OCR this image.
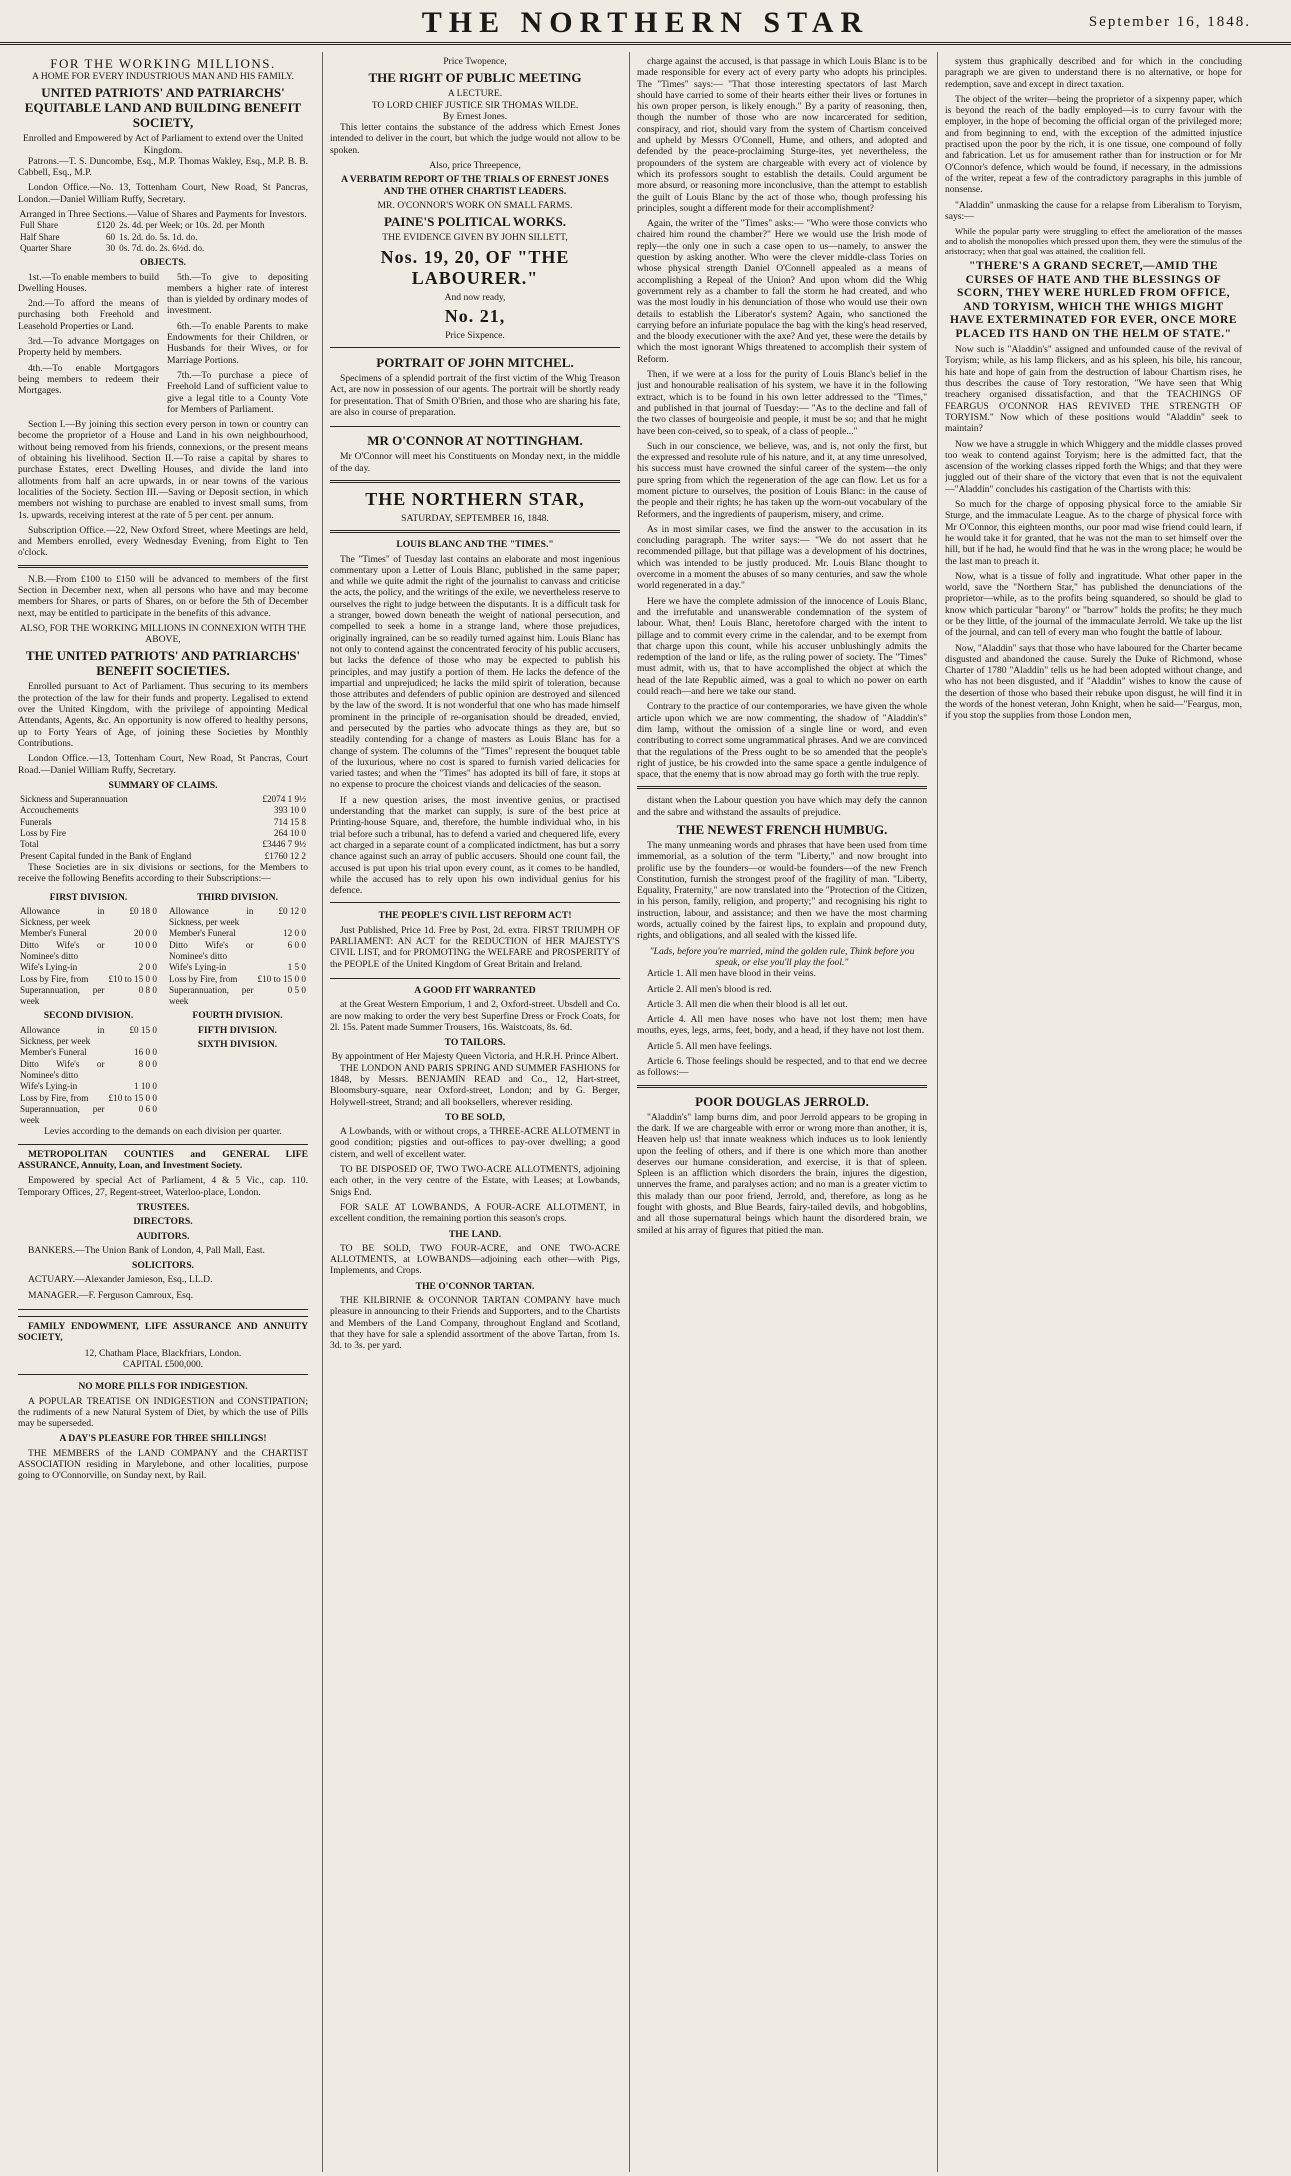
THE NORTHERN STAR	September 16, 1848.
FOR THE WORKING MILLIONS.
A HOME FOR EVERY INDUSTRIOUS MAN AND HIS FAMILY.
UNITED PATRIOTS' AND PATRIARCHS' EQUITABLE LAND AND BUILDING BENEFIT SOCIETY,
Enrolled and Empowered by Act of Parliament to extend over the United Kingdom.

Patrons.—T. S. Duncombe, Esq., M.P. Thomas Wakley, Esq., M.P. B. B. Cabbell, Esq., M.P.

London Office.—No. 13, Tottenham Court, New Road, St Pancras, London.—Daniel William Ruffy, Secretary.

Arranged in Three Sections.—Value of Shares and Payments for Investors.
Full Share	£120	2s. 4d. per Week; or 10s. 2d. per Month
Half Share	60	1s. 2d. do. 5s. 1d. do.
Quarter Share	30	0s. 7d. do. 2s. 6½d. do.
OBJECTS.

1st.—To enable members to build Dwelling Houses.

2nd.—To afford the means of purchasing both Freehold and Leasehold Properties or Land.

3rd.—To advance Mortgages on Property held by members.

4th.—To enable Mortgagors being members to redeem their Mortgages.

5th.—To give to depositing members a higher rate of interest than is yielded by ordinary modes of investment.

6th.—To enable Parents to make Endowments for their Children, or Husbands for their Wives, or for Marriage Portions.

7th.—To purchase a piece of Freehold Land of sufficient value to give a legal title to a County Vote for Members of Parliament.

Section I.—By joining this section every person in town or country can become the proprietor of a House and Land in his own neighbourhood, without being removed from his friends, connexions, or the present means of obtaining his livelihood. Section II.—To raise a capital by shares to purchase Estates, erect Dwelling Houses, and divide the land into allotments from half an acre upwards, in or near towns of the various localities of the Society. Section III.—Saving or Deposit section, in which members not wishing to purchase are enabled to invest small sums, from 1s. upwards, receiving interest at the rate of 5 per cent. per annum.

Subscription Office.—22, New Oxford Street, where Meetings are held, and Members enrolled, every Wednesday Evening, from Eight to Ten o'clock.

N.B.—From £100 to £150 will be advanced to members of the first Section in December next, when all persons who have and may become members for Shares, or parts of Shares, on or before the 5th of December next, may be entitled to participate in the benefits of this advance.

ALSO, FOR THE WORKING MILLIONS IN CONNEXION WITH THE ABOVE,
THE UNITED PATRIOTS' AND PATRIARCHS' BENEFIT SOCIETIES.

Enrolled pursuant to Act of Parliament. Thus securing to its members the protection of the law for their funds and property. Legalised to extend over the United Kingdom, with the privilege of appointing Medical Attendants, Agents, &c. An opportunity is now offered to healthy persons, up to Forty Years of Age, of joining these Societies by Monthly Contributions.

London Office.—13, Tottenham Court, New Road, St Pancras, Court Road.—Daniel William Ruffy, Secretary.

SUMMARY OF CLAIMS.
Sickness and Superannuation	£2074 1 9½
Accouchements	393 10 0
Funerals	714 15 8
Loss by Fire	264 10 0
Total	£3446 7 9½
Present Capital funded in the Bank of England	£1760 12 2

These Societies are in six divisions or sections, for the Members to receive the following Benefits according to their Subscriptions:—

FIRST DIVISION.
Allowance in Sickness, per week	£0 18 0
Member's Funeral	20 0 0
Ditto Wife's or Nominee's ditto	10 0 0
Wife's Lying-in	2 0 0
Loss by Fire, from	£10 to 15 0 0
Superannuation, per week	0 8 0
SECOND DIVISION.
Allowance in Sickness, per week	£0 15 0
Member's Funeral	16 0 0
Ditto Wife's or Nominee's ditto	8 0 0
Wife's Lying-in	1 10 0
Loss by Fire, from	£10 to 15 0 0
Superannuation, per week	0 6 0
THIRD DIVISION.
Allowance in Sickness, per week	£0 12 0
Member's Funeral	12 0 0
Ditto Wife's or Nominee's ditto	6 0 0
Wife's Lying-in	1 5 0
Loss by Fire, from	£10 to 15 0 0
Superannuation, per week	0 5 0
FOURTH DIVISION.
FIFTH DIVISION.
SIXTH DIVISION.
Levies according to the demands on each division per quarter.

METROPOLITAN COUNTIES and GENERAL LIFE ASSURANCE, Annuity, Loan, and Investment Society.

Empowered by special Act of Parliament, 4 & 5 Vic., cap. 110. Temporary Offices, 27, Regent-street, Waterloo-place, London.

TRUSTEES.
DIRECTORS.
AUDITORS.

BANKERS.—The Union Bank of London, 4, Pall Mall, East.

SOLICITORS.

ACTUARY.—Alexander Jamieson, Esq., LL.D.

MANAGER.—F. Ferguson Camroux, Esq.

FAMILY ENDOWMENT, LIFE ASSURANCE AND ANNUITY SOCIETY,

12, Chatham Place, Blackfriars, London.
CAPITAL £500,000.
NO MORE PILLS FOR INDIGESTION.

A POPULAR TREATISE ON INDIGESTION and CONSTIPATION; the rudiments of a new Natural System of Diet, by which the use of Pills may be superseded.

A DAY'S PLEASURE FOR THREE SHILLINGS!

THE MEMBERS of the LAND COMPANY and the CHARTIST ASSOCIATION residing in Marylebone, and other localities, purpose going to O'Connorville, on Sunday next, by Rail.

Price Twopence,
THE RIGHT OF PUBLIC MEETING
A LECTURE.
TO LORD CHIEF JUSTICE SIR THOMAS WILDE.
By Ernest Jones.

This letter contains the substance of the address which Ernest Jones intended to deliver in the court, but which the judge would not allow to be spoken.

Also, price Threepence,
A VERBATIM REPORT OF THE TRIALS OF ERNEST JONES AND THE OTHER CHARTIST LEADERS.
MR. O'CONNOR'S WORK ON SMALL FARMS.
PAINE'S POLITICAL WORKS.
THE EVIDENCE GIVEN BY JOHN SILLETT,
Nos. 19, 20, OF "THE LABOURER."
And now ready,
No. 21,
Price Sixpence.
PORTRAIT OF JOHN MITCHEL.

Specimens of a splendid portrait of the first victim of the Whig Treason Act, are now in possession of our agents. The portrait will be shortly ready for presentation. That of Smith O'Brien, and those who are sharing his fate, are also in course of preparation.

MR O'CONNOR AT NOTTINGHAM.

Mr O'Connor will meet his Constituents on Monday next, in the middle of the day.

THE NORTHERN STAR,
SATURDAY, SEPTEMBER 16, 1848.
LOUIS BLANC AND THE "TIMES."

The "Times" of Tuesday last contains an elaborate and most ingenious commentary upon a Letter of Louis Blanc, published in the same paper; and while we quite admit the right of the journalist to canvass and criticise the acts, the policy, and the writings of the exile, we nevertheless reserve to ourselves the right to judge between the disputants. It is a difficult task for a stranger, bowed down beneath the weight of national persecution, and compelled to seek a home in a strange land, where those prejudices, originally ingrained, can be so readily turned against him. Louis Blanc has not only to contend against the concentrated ferocity of his public accusers, but lacks the defence of those who may be expected to publish his principles, and may justify a portion of them. He lacks the defence of the impartial and unprejudiced; he lacks the mild spirit of toleration, because those attributes and defenders of public opinion are destroyed and silenced by the law of the sword. It is not wonderful that one who has made himself prominent in the principle of re-organisation should be dreaded, envied, and persecuted by the parties who advocate things as they are, but so steadily contending for a change of masters as Louis Blanc has for a change of system. The columns of the "Times" represent the bouquet table of the luxurious, where no cost is spared to furnish varied delicacies for varied tastes; and when the "Times" has adopted its bill of fare, it stops at no expense to procure the choicest viands and delicacies of the season.

If a new question arises, the most inventive genius, or practised understanding that the market can supply, is sure of the best price at Printing-house Square, and, therefore, the humble individual who, in his trial before such a tribunal, has to defend a varied and chequered life, every act charged in a separate count of a complicated indictment, has but a sorry chance against such an array of public accusers. Should one count fail, the accused is put upon his trial upon every count, as it comes to be handled, while the accused has to rely upon his own individual genius for his defence.

THE PEOPLE'S CIVIL LIST REFORM ACT!

Just Published, Price 1d. Free by Post, 2d. extra. FIRST TRIUMPH OF PARLIAMENT: AN ACT for the REDUCTION of HER MAJESTY'S CIVIL LIST, and for PROMOTING the WELFARE and PROSPERITY of the PEOPLE of the United Kingdom of Great Britain and Ireland.

A GOOD FIT WARRANTED

at the Great Western Emporium, 1 and 2, Oxford-street. Ubsdell and Co. are now making to order the very best Superfine Dress or Frock Coats, for 2l. 15s. Patent made Summer Trousers, 16s. Waistcoats, 8s. 6d.

TO TAILORS.
By appointment of Her Majesty Queen Victoria, and H.R.H. Prince Albert.

THE LONDON AND PARIS SPRING AND SUMMER FASHIONS for 1848, by Messrs. BENJAMIN READ and Co., 12, Hart-street, Bloomsbury-square, near Oxford-street, London; and by G. Berger, Holywell-street, Strand; and all booksellers, wherever residing.

TO BE SOLD,

A Lowbands, with or without crops, a THREE-ACRE ALLOTMENT in good condition; pigsties and out-offices to pay-over dwelling; a good cistern, and well of excellent water.

TO BE DISPOSED OF, TWO TWO-ACRE ALLOTMENTS, adjoining each other, in the very centre of the Estate, with Leases; at Lowbands, Snigs End.

FOR SALE AT LOWBANDS, A FOUR-ACRE ALLOTMENT, in excellent condition, the remaining portion this season's crops.

THE LAND.

TO BE SOLD, TWO FOUR-ACRE, and ONE TWO-ACRE ALLOTMENTS, at LOWBANDS—adjoining each other—with Pigs, Implements, and Crops.

THE O'CONNOR TARTAN.

THE KILBIRNIE & O'CONNOR TARTAN COMPANY have much pleasure in announcing to their Friends and Supporters, and to the Chartists and Members of the Land Company, throughout England and Scotland, that they have for sale a splendid assortment of the above Tartan, from 1s. 3d. to 3s. per yard.

charge against the accused, is that passage in which Louis Blanc is to be made responsible for every act of every party who adopts his principles. The "Times" says:— "That those interesting spectators of last March should have carried to some of their hearts either their lives or fortunes in his own proper person, is likely enough." By a parity of reasoning, then, though the number of those who are now incarcerated for sedition, conspiracy, and riot, should vary from the system of Chartism conceived and upheld by Messrs O'Connell, Hume, and others, and adopted and defended by the peace-proclaiming Sturge-ites, yet nevertheless, the propounders of the system are chargeable with every act of violence by which its professors sought to establish the details. Could argument be more absurd, or reasoning more inconclusive, than the attempt to establish the guilt of Louis Blanc by the act of those who, though professing his principles, sought a different mode for their accomplishment?

Again, the writer of the "Times" asks:— "Who were those convicts who chaired him round the chamber?" Here we would use the Irish mode of reply—the only one in such a case open to us—namely, to answer the question by asking another. Who were the clever middle-class Tories on whose physical strength Daniel O'Connell appealed as a means of accomplishing a Repeal of the Union? And upon whom did the Whig government rely as a chamber to fall the storm he had created, and who was the most loudly in his denunciation of those who would use their own details to establish the Liberator's system? Again, who sanctioned the carrying before an infuriate populace the bag with the king's head reserved, and the bloody executioner with the axe? And yet, these were the details by which the most ignorant Whigs threatened to accomplish their system of Reform.

Then, if we were at a loss for the purity of Louis Blanc's belief in the just and honourable realisation of his system, we have it in the following extract, which is to be found in his own letter addressed to the "Times," and published in that journal of Tuesday:— "As to the decline and fall of the two classes of bourgeoisie and people, it must be so; and that he might have been con-ceived, so to speak, of a class of people..."

Such in our conscience, we believe, was, and is, not only the first, but the expressed and resolute rule of his nature, and it, at any time unresolved, his success must have crowned the sinful career of the system—the only pure spring from which the regeneration of the age can flow. Let us for a moment picture to ourselves, the position of Louis Blanc: in the cause of the people and their rights; he has taken up the worn-out vocabulary of the Reformers, and the ingredients of pauperism, misery, and crime.

As in most similar cases, we find the answer to the accusation in its concluding paragraph. The writer says:— "We do not assert that he recommended pillage, but that pillage was a development of his doctrines, which was intended to be justly produced. Mr. Louis Blanc thought to overcome in a moment the abuses of so many centuries, and saw the whole world regenerated in a day."

Here we have the complete admission of the innocence of Louis Blanc, and the irrefutable and unanswerable condemnation of the system of labour. What, then! Louis Blanc, heretofore charged with the intent to pillage and to commit every crime in the calendar, and to be exempt from that charge upon this count, while his accuser unblushingly admits the redemption of the land or life, as the ruling power of society. The "Times" must admit, with us, that to have accomplished the object at which the head of the late Republic aimed, was a goal to which no power on earth could reach—and here we take our stand.

Contrary to the practice of our contemporaries, we have given the whole article upon which we are now commenting, the shadow of "Aladdin's" dim lamp, without the omission of a single line or word, and even contributing to correct some ungrammatical phrases. And we are convinced that the regulations of the Press ought to be so amended that the people's right of justice, be his crowded into the same space a gentle indulgence of space, that the enemy that is now abroad may go forth with the true reply.

distant when the Labour question you have which may defy the cannon and the sabre and withstand the assaults of prejudice.

THE NEWEST FRENCH HUMBUG.

The many unmeaning words and phrases that have been used from time immemorial, as a solution of the term "Liberty," and now brought into prolific use by the founders—or would-be founders—of the new French Constitution, furnish the strongest proof of the fragility of man. "Liberty, Equality, Fraternity," are now translated into the "Protection of the Citizen, in his person, family, religion, and property;" and recognising his right to instruction, labour, and assistance; and then we have the most charming words, actually coined by the fairest lips, to explain and propound duty, rights, and obligations, and all sealed with the kissed life.

"Lads, before you're married, mind the golden rule, Think before you speak, or else you'll play the fool."

Article 1. All men have blood in their veins.

Article 2. All men's blood is red.

Article 3. All men die when their blood is all let out.

Article 4. All men have noses who have not lost them; men have mouths, eyes, legs, arms, feet, body, and a head, if they have not lost them.

Article 5. All men have feelings.

Article 6. Those feelings should be respected, and to that end we decree as follows:—

POOR DOUGLAS JERROLD.

"Aladdin's" lamp burns dim, and poor Jerrold appears to be groping in the dark. If we are chargeable with error or wrong more than another, it is, Heaven help us! that innate weakness which induces us to look leniently upon the feeling of others, and if there is one which more than another deserves our humane consideration, and exercise, it is that of spleen. Spleen is an affliction which disorders the brain, injures the digestion, unnerves the frame, and paralyses action; and no man is a greater victim to this malady than our poor friend, Jerrold, and, therefore, as long as he fought with ghosts, and Blue Beards, fairy-tailed devils, and hobgoblins, and all those supernatural beings which haunt the disordered brain, we smiled at his array of figures that pitied the man.

system thus graphically described and for which in the concluding paragraph we are given to understand there is no alternative, or hope for redemption, save and except in direct taxation.

The object of the writer—being the proprietor of a sixpenny paper, which is beyond the reach of the badly employed—is to curry favour with the employer, in the hope of becoming the official organ of the privileged more; and from beginning to end, with the exception of the admitted injustice practised upon the poor by the rich, it is one tissue, one compound of folly and fabrication. Let us for amusement rather than for instruction or for Mr O'Connor's defence, which would be found, if necessary, in the admissions of the writer, repeat a few of the contradictory paragraphs in this jumble of nonsense.

"Aladdin" unmasking the cause for a relapse from Liberalism to Toryism, says:—

While the popular party were struggling to effect the amelioration of the masses and to abolish the monopolies which pressed upon them, they were the stimulus of the aristocracy; when that goal was attained, the coalition fell.

"THERE'S A GRAND SECRET,—AMID THE CURSES OF HATE AND THE BLESSINGS OF SCORN, THEY WERE HURLED FROM OFFICE, AND TORYISM, WHICH THE WHIGS MIGHT HAVE EXTERMINATED FOR EVER, ONCE MORE PLACED ITS HAND ON THE HELM OF STATE."

Now such is "Aladdin's" assigned and unfounded cause of the revival of Toryism; while, as his lamp flickers, and as his spleen, his bile, his rancour, his hate and hope of gain from the destruction of labour Chartism rises, he thus describes the cause of Tory restoration, "We have seen that Whig treachery organised dissatisfaction, and that the TEACHINGS OF FEARGUS O'CONNOR HAS REVIVED THE STRENGTH OF TORYISM." Now which of these positions would "Aladdin" seek to maintain?

Now we have a struggle in which Whiggery and the middle classes proved too weak to contend against Toryism; here is the admitted fact, that the ascension of the working classes ripped forth the Whigs; and that they were juggled out of their share of the victory that even that is not the equivalent—"Aladdin" concludes his castigation of the Chartists with this:

So much for the charge of opposing physical force to the amiable Sir Sturge, and the immaculate League. As to the charge of physical force with Mr O'Connor, this eighteen months, our poor mad wise friend could learn, if he would take it for granted, that he was not the man to set himself over the hill, but if he had, he would find that he was in the wrong place; he would be the last man to preach it.

Now, what is a tissue of folly and ingratitude. What other paper in the world, save the "Northern Star," has published the denunciations of the proprietor—while, as to the profits being squandered, so should be glad to know which particular "barony" or "barrow" holds the profits; he they much or be they little, of the journal of the immaculate Jerrold. We take up the list of the journal, and can tell of every man who fought the battle of labour.

Now, "Aladdin" says that those who have laboured for the Charter became disgusted and abandoned the cause. Surely the Duke of Richmond, whose Charter of 1780 "Aladdin" tells us he had been adopted without change, and who has not been disgusted, and if "Aladdin" wishes to know the cause of the desertion of those who based their rebuke upon disgust, he will find it in the words of the honest veteran, John Knight, when he said—"Feargus, mon, if you stop the supplies from those London men,
